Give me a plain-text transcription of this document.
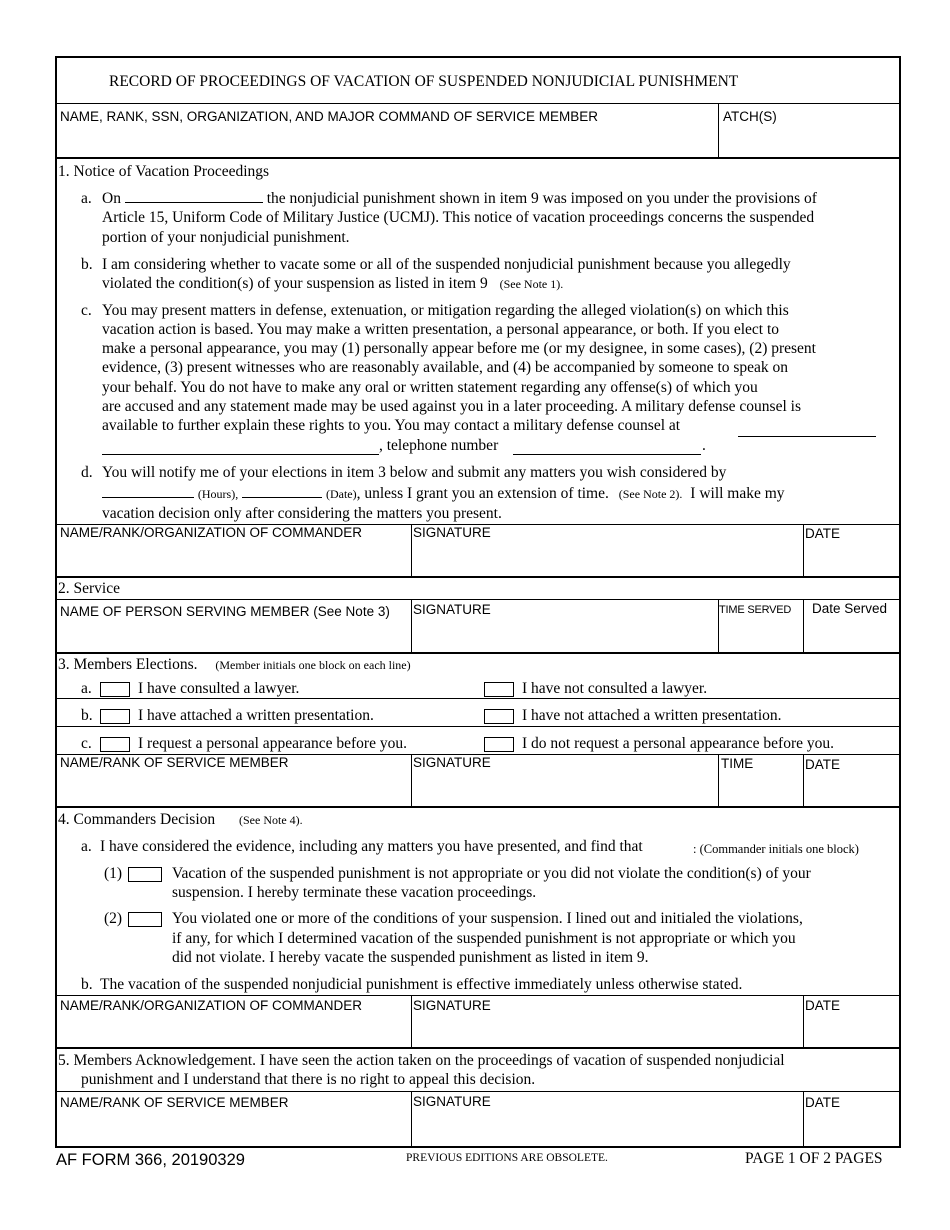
RECORD OF PROCEEDINGS OF VACATION OF SUSPENDED NONJUDICIAL PUNISHMENT
NAME, RANK, SSN, ORGANIZATION, AND MAJOR COMMAND OF SERVICE MEMBER	ATCH(S)
1. Notice of Vacation Proceedings
a. On	the nonjudicial punishment shown in item 9 was imposed on you under the provisions of
Article 15, Uniform Code of Military Justice (UCMJ). This notice of vacation proceedings concerns the suspended
portion of your nonjudicial punishment.
b. I am considering whether to vacate some or all of the suspended nonjudicial punishment because you allegedly
violated the condition(s) of your suspension as listed in item 9 (See Note 1).
c. You may present matters in defense, extenuation, or mitigation regarding the alleged violation(s) on which this
vacation action is based. You may make a written presentation, a personal appearance, or both. If you elect to
make a personal appearance, you may (1) personally appear before me (or my designee, in some cases), (2) present
evidence, (3) present witnesses who are reasonably available, and (4) be accompanied by someone to speak on
your behalf. You do not have to make any oral or written statement regarding any offense(s) of which you
are accused and any statement made may be used against you in a later proceeding. A military defense counsel is
available to further explain these rights to you. You may contact a military defense counsel at
, telephone number	.
d. You will notify me of your elections in item 3 below and submit any matters you wish considered by
(Hours),	(Date), unless I grant you an extension of time. (See Note 2). I will make my
vacation decision only after considering the matters you present.
NAME/RANK/ORGANIZATION OF COMMANDER	SIGNATURE	DATE
2. Service
NAME OF PERSON SERVING MEMBER (See Note 3) SIGNATURE	TIME SERVED Date Served
3. Members Elections. (Member initials one block on each line)
a.	I have consulted a lawyer.	I have not consulted a lawyer.
b.	I have attached a written presentation.	I have not attached a written presentation.
c.	I request a personal appearance before you.	I do not request a personal appearance before you.
NAME/RANK OF SERVICE MEMBER	SIGNATURE	TIME	DATE
4. Commanders Decision (See Note 4).
a. I have considered the evidence, including any matters you have presented, and find that	: (Commander initials one block)
(1)	Vacation of the suspended punishment is not appropriate or you did not violate the condition(s) of your
suspension. I hereby terminate these vacation proceedings.
(2)	You violated one or more of the conditions of your suspension. I lined out and initialed the violations,
if any, for which I determined vacation of the suspended punishment is not appropriate or which you
did not violate. I hereby vacate the suspended punishment as listed in item 9.
b. The vacation of the suspended nonjudicial punishment is effective immediately unless otherwise stated.
NAME/RANK/ORGANIZATION OF COMMANDER	SIGNATURE	DATE
5. Members Acknowledgement. I have seen the action taken on the proceedings of vacation of suspended nonjudicial
punishment and I understand that there is no right to appeal this decision.
NAME/RANK OF SERVICE MEMBER	SIGNATURE	DATE
AF FORM 366, 20190329	PREVIOUS EDITIONS ARE OBSOLETE.	PAGE 1 OF 2 PAGES
